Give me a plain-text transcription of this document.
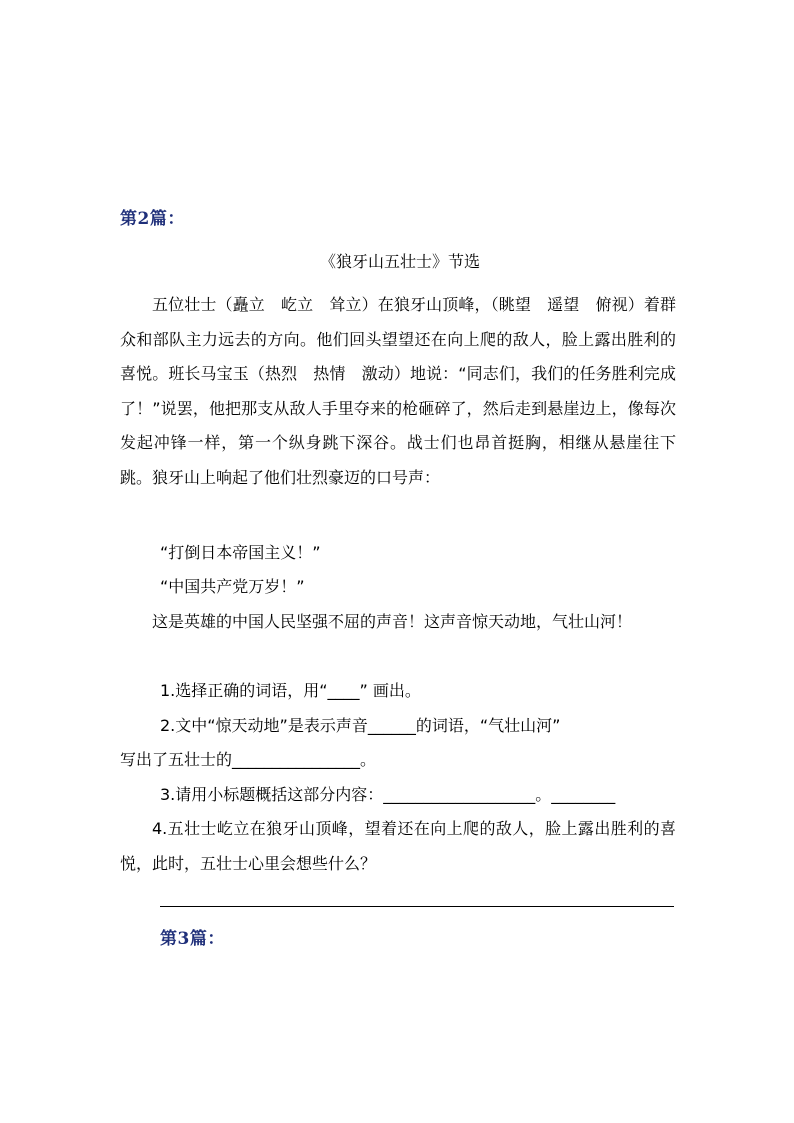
第2篇：
《狼牙山五壮士》节选

五位壮士（矗立　屹立　耸立）在狼牙山顶峰，（眺望　遥望　俯视）着群众和部队主力远去的方向。他们回头望望还在向上爬的敌人，脸上露出胜利的喜悦。班长马宝玉（热烈　热情　激动）地说：“同志们，我们的任务胜利完成了！”说罢，他把那支从敌人手里夺来的枪砸碎了，然后走到悬崖边上，像每次发起冲锋一样，第一个纵身跳下深谷。战士们也昂首挺胸，相继从悬崖往下跳。狼牙山上响起了他们壮烈豪迈的口号声：

“打倒日本帝国主义！”
“中国共产党万岁！”

这是英雄的中国人民坚强不屈的声音！这声音惊天动地，气壮山河！

1.选择正确的词语，用“____” 画出。
2.文中“惊天动地”是表示声音______的词语，“气壮山河”
写出了五壮士的________________。
3.请用小标题概括这部分内容：___________________。________

4.五壮士屹立在狼牙山顶峰，望着还在向上爬的敌人，脸上露出胜利的喜悦，此时，五壮士心里会想些什么？

第3篇：
